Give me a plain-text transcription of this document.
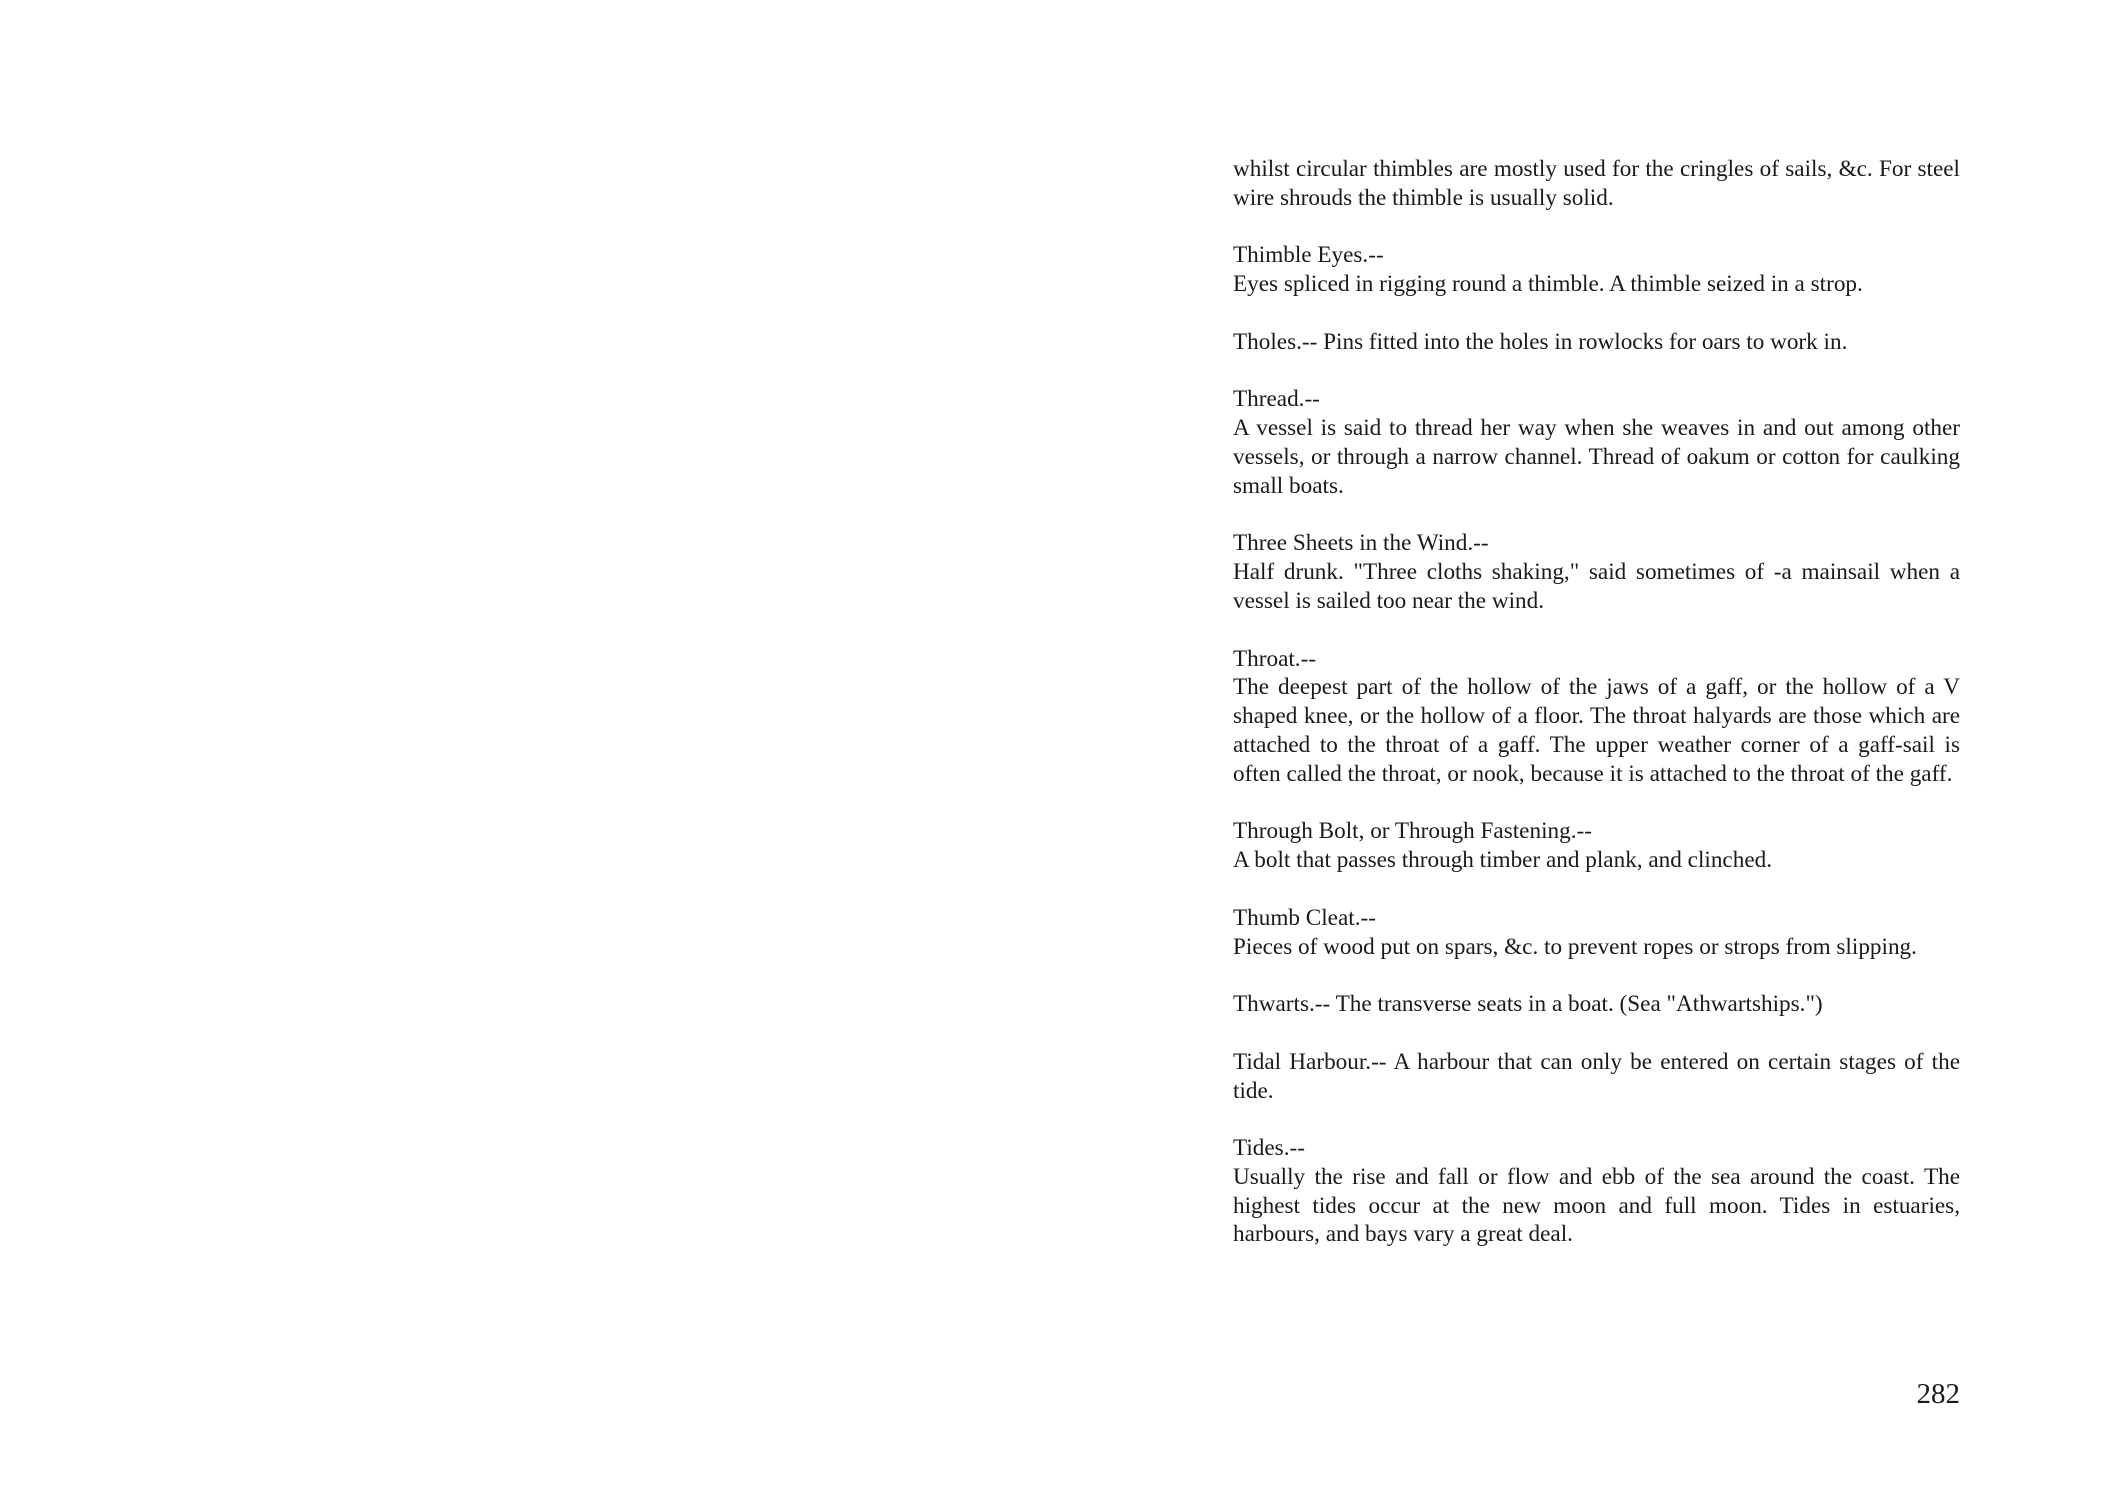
whilst circular thimbles are mostly used for the cringles of sails, &c. For steel wire shrouds the thimble is usually solid.

Thimble Eyes.--

Eyes spliced in rigging round a thimble. A thimble seized in a strop.

Tholes.-- Pins fitted into the holes in rowlocks for oars to work in.

Thread.--

A vessel is said to thread her way when she weaves in and out among other vessels, or through a narrow channel. Thread of oakum or cotton for caulking small boats.

Three Sheets in the Wind.--

Half drunk. "Three cloths shaking," said sometimes of -a mainsail when a vessel is sailed too near the wind.

Throat.--

The deepest part of the hollow of the jaws of a gaff, or the hollow of a V shaped knee, or the hollow of a floor. The throat halyards are those which are attached to the throat of a gaff. The upper weather corner of a gaff-sail is often called the throat, or nook, because it is attached to the throat of the gaff.

Through Bolt, or Through Fastening.--

A bolt that passes through timber and plank, and clinched.

Thumb Cleat.--

Pieces of wood put on spars, &c. to prevent ropes or strops from slipping.

Thwarts.-- The transverse seats in a boat. (Sea "Athwartships.")

Tidal Harbour.-- A harbour that can only be entered on certain stages of the tide.

Tides.--

Usually the rise and fall or flow and ebb of the sea around the coast. The highest tides occur at the new moon and full moon. Tides in estuaries, harbours, and bays vary a great deal.

282
